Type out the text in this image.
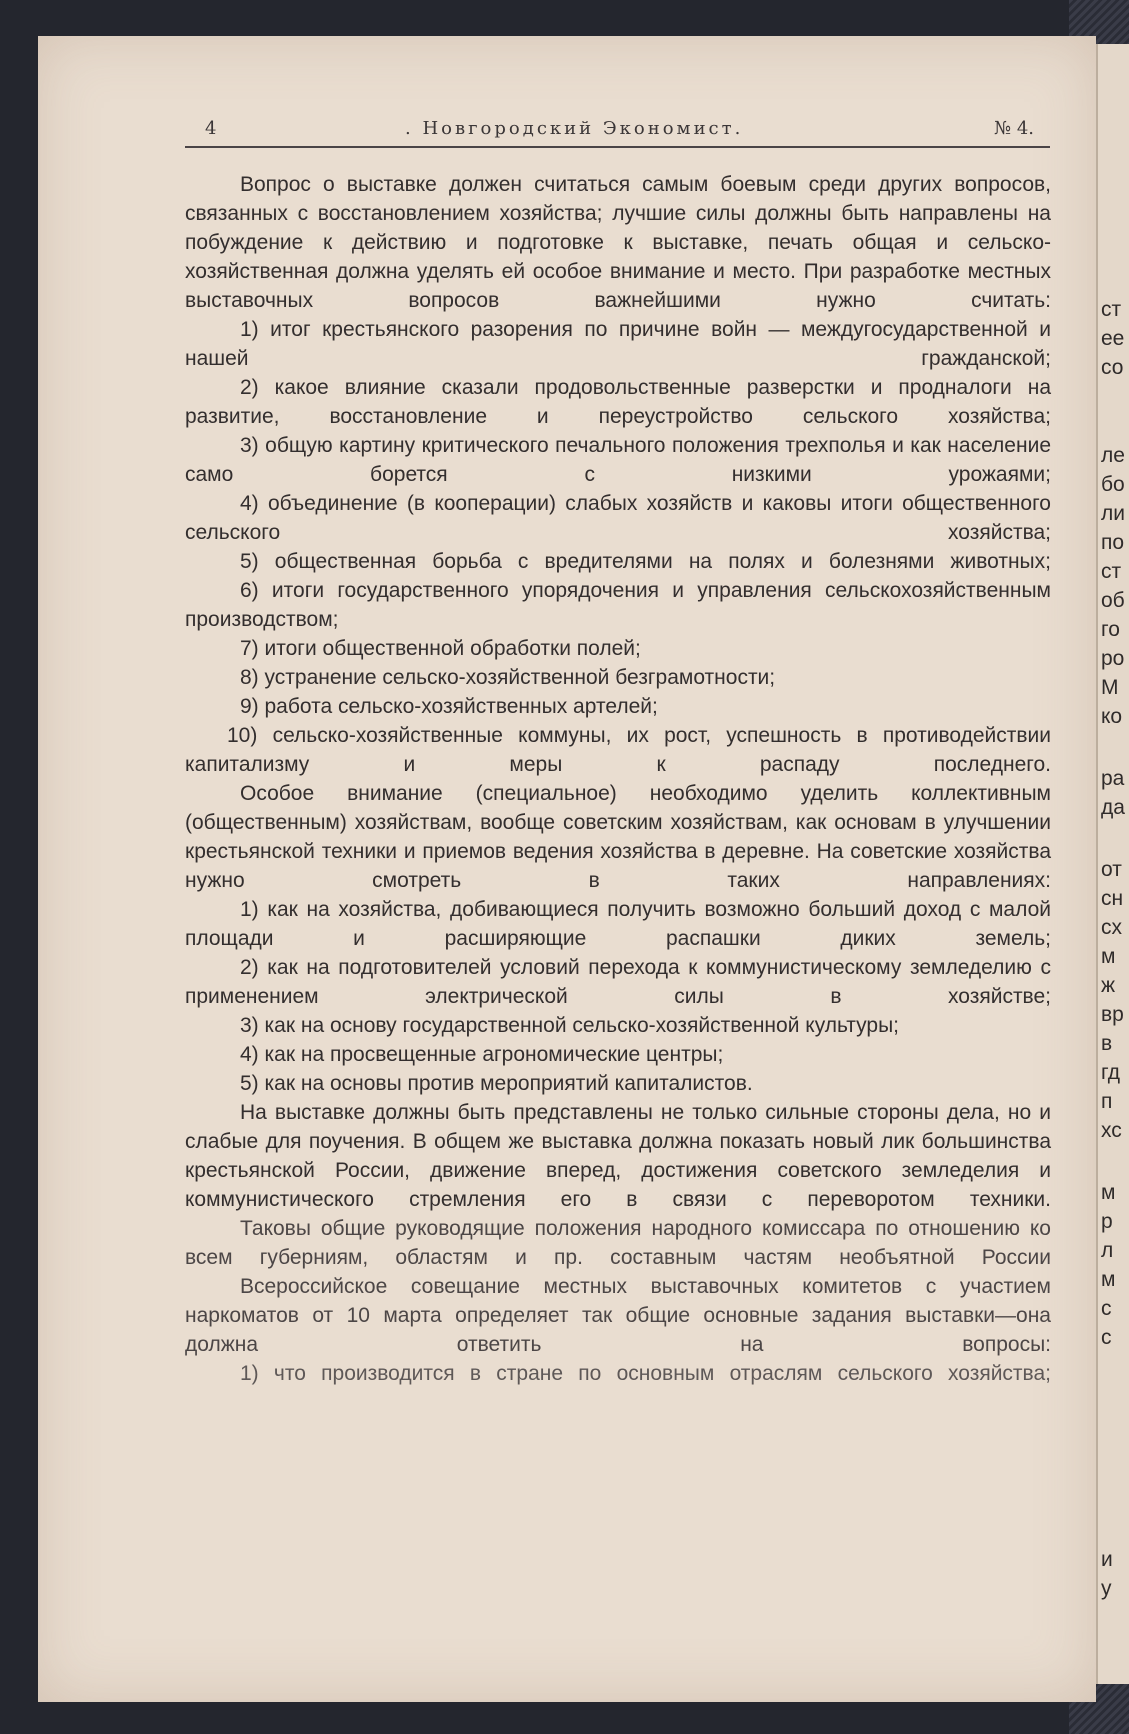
ст
ее
со
ле
бо
ли
по
ст
об
го
ро
М
ко
ра
да
от
сн
сх
м
ж
вр
в
гд
п
хс
м
р
л
м
с
с
и
у
4	. Новгородский Экономист.	№ 4.

Вопрос о выставке должен считаться самым боевым среди других вопросов, связанных с восстановлением хозяйства; лучшие силы должны быть направлены на побуждение к действию и подготовке к выставке, печать общая и сельско-хозяйственная должна уделять ей особое внимание и место. При разработке местных выставочных вопросов важнейшими нужно считать:

1) итог крестьянского разорения по причине войн — междугосударственной и нашей гражданской;

2) какое влияние сказали продовольственные разверстки и продналоги на развитие, восстановление и переустройство сельского хозяйства;

3) общую картину критического печального положения трехполья и как население само борется с низкими урожаями;

4) объединение (в кооперации) слабых хозяйств и каковы итоги общественного сельского хозяйства;

5) общественная борьба с вредителями на полях и болезнями животных;

6) итоги государственного упорядочения и управления сельскохозяйственным производством;

7) итоги общественной обработки полей;

8) устранение сельско-хозяйственной безграмотности;

9) работа сельско-хозяйственных артелей;

10) сельско-хозяйственные коммуны, их рост, успешность в противодействии капитализму и меры к распаду последнего.

Особое внимание (специальное) необходимо уделить коллективным (общественным) хозяйствам, вообще советским хозяйствам, как основам в улучшении крестьянской техники и приемов ведения хозяйства в деревне. На советские хозяйства нужно смотреть в таких направлениях:

1) как на хозяйства, добивающиеся получить возможно больший доход с малой площади и расширяющие распашки диких земель;

2) как на подготовителей условий перехода к коммунистическому земледелию с применением электрической силы в хозяйстве;

3) как на основу государственной сельско-хозяйственной культуры;

4) как на просвещенные агрономические центры;

5) как на основы против мероприятий капиталистов.

На выставке должны быть представлены не только сильные стороны дела, но и слабые для поучения. В общем же выставка должна показать новый лик большинства крестьянской России, движение вперед, достижения советского земледелия и коммунистического стремления его в связи с переворотом техники.

Таковы общие руководящие положения народного комиссара по отношению ко всем губерниям, областям и пр. составным частям необъятной России

Всероссийское совещание местных выставочных комитетов с участием наркоматов от 10 марта определяет так общие основные задания выставки—она должна ответить на вопросы:

1) что производится в стране по основным отраслям сельского хозяйства;
